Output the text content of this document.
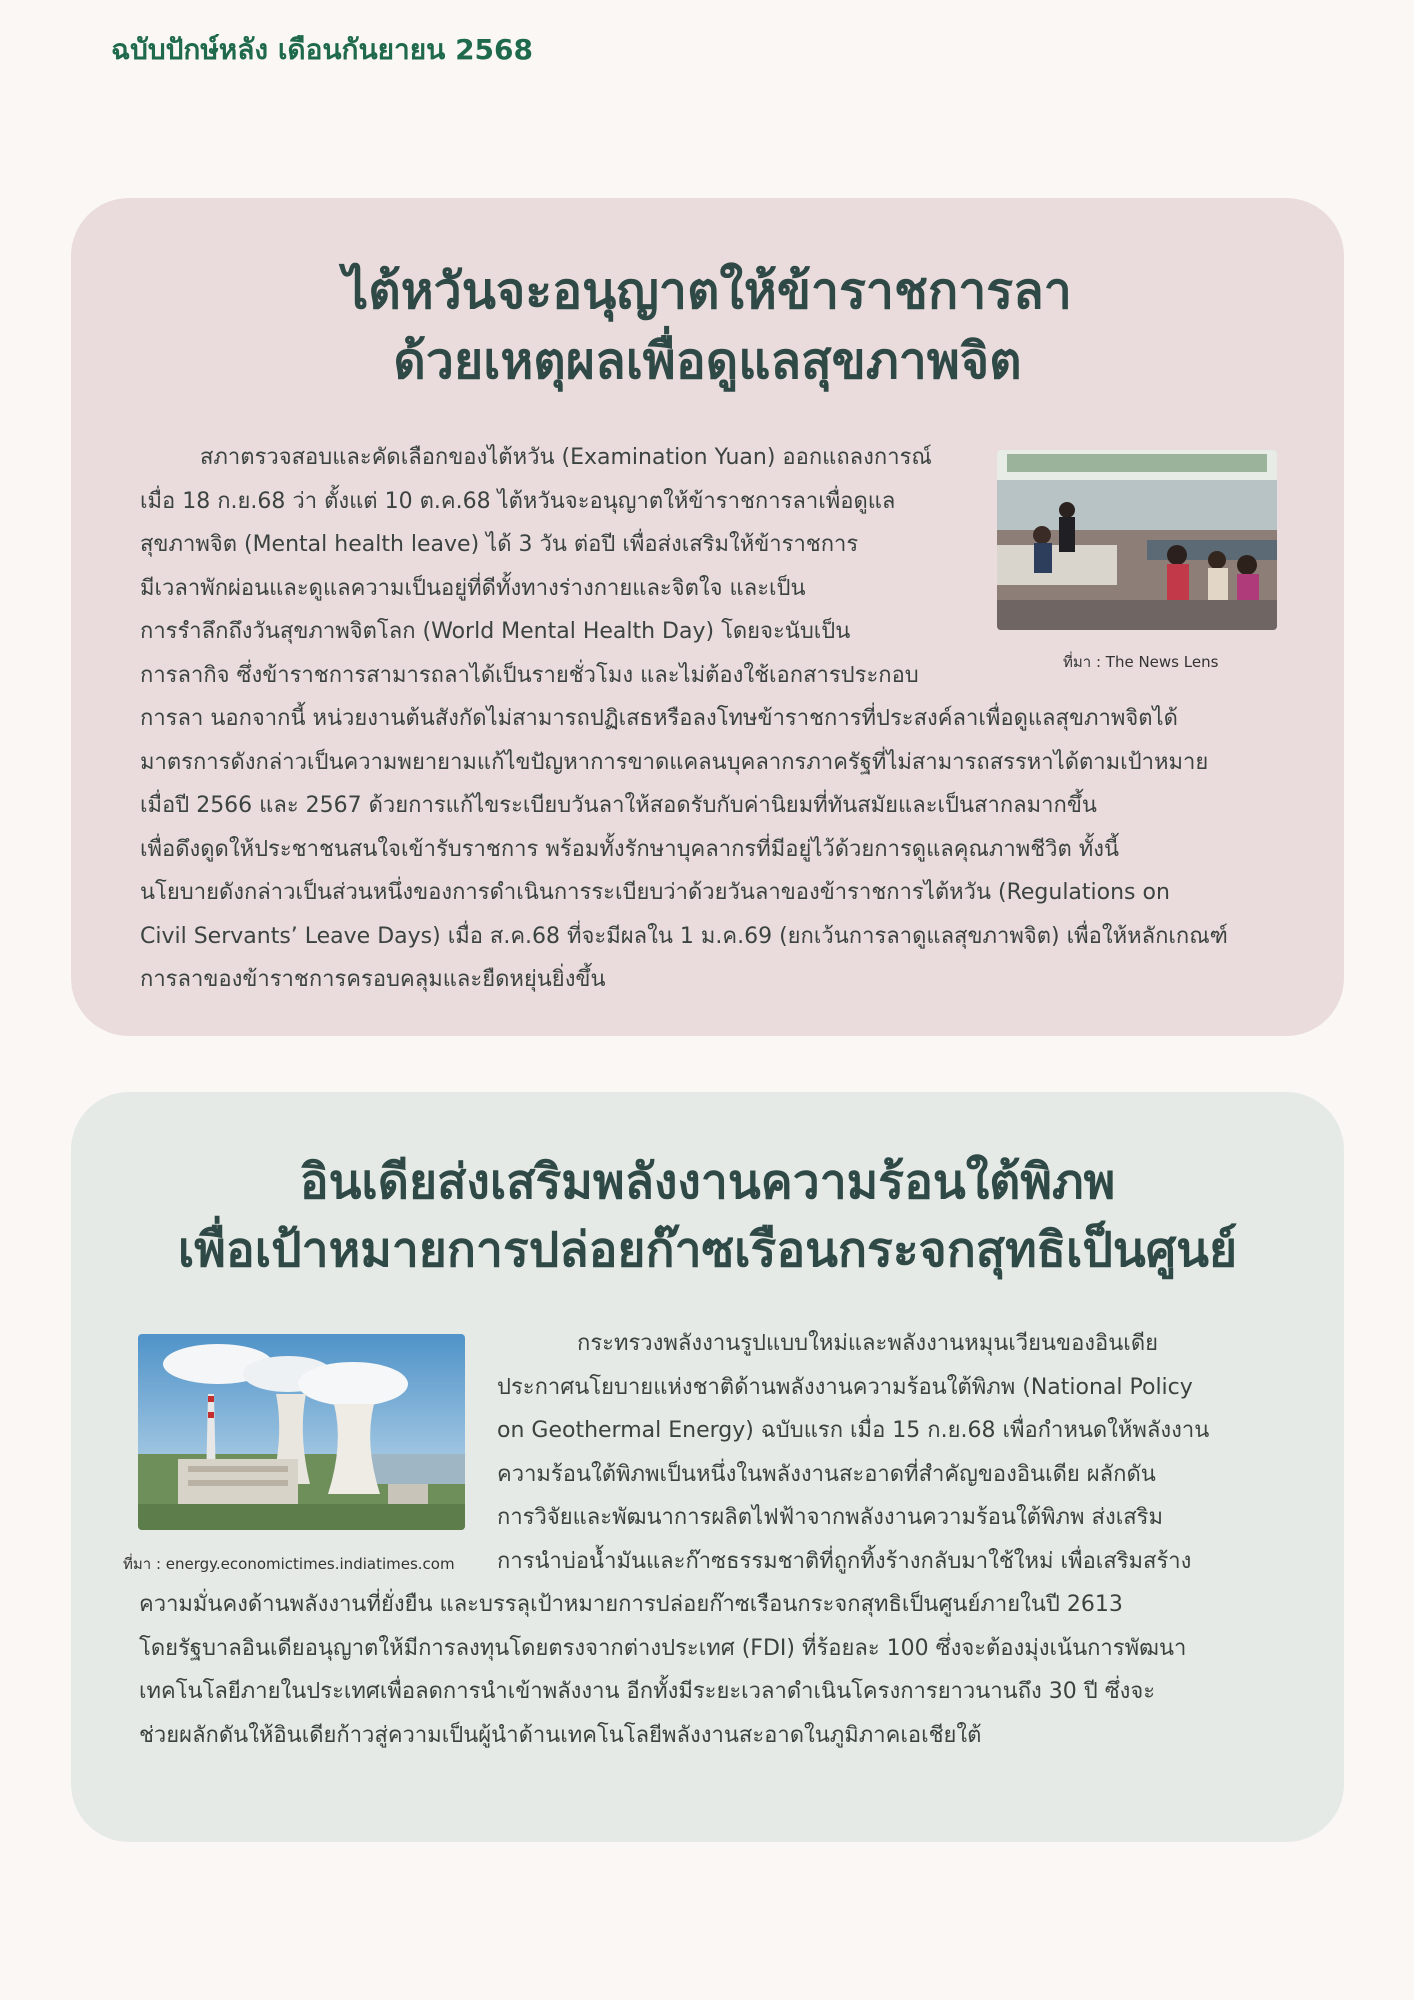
ฉบับปักษ์หลัง เดือนกันยายน 2568
ไต้หวันจะอนุญาตให้ข้าราชการลา
ด้วยเหตุผลเพื่อดูแลสุขภาพจิต
ที่มา : The News Lens
สภาตรวจสอบและคัดเลือกของไต้หวัน (Examination Yuan) ออกแถลงการณ์
เมื่อ 18 ก.ย.68 ว่า ตั้งแต่ 10 ต.ค.68 ไต้หวันจะอนุญาตให้ข้าราชการลาเพื่อดูแล
สุขภาพจิต (Mental health leave) ได้ 3 วัน ต่อปี เพื่อส่งเสริมให้ข้าราชการ
มีเวลาพักผ่อนและดูแลความเป็นอยู่ที่ดีทั้งทางร่างกายและจิตใจ และเป็น
การรำลึกถึงวันสุขภาพจิตโลก (World Mental Health Day) โดยจะนับเป็น
การลากิจ ซึ่งข้าราชการสามารถลาได้เป็นรายชั่วโมง และไม่ต้องใช้เอกสารประกอบ
การลา นอกจากนี้ หน่วยงานต้นสังกัดไม่สามารถปฏิเสธหรือลงโทษข้าราชการที่ประสงค์ลาเพื่อดูแลสุขภาพจิตได้
มาตรการดังกล่าวเป็นความพยายามแก้ไขปัญหาการขาดแคลนบุคลากรภาครัฐที่ไม่สามารถสรรหาได้ตามเป้าหมาย
เมื่อปี 2566 และ 2567 ด้วยการแก้ไขระเบียบวันลาให้สอดรับกับค่านิยมที่ทันสมัยและเป็นสากลมากขึ้น
เพื่อดึงดูดให้ประชาชนสนใจเข้ารับราชการ พร้อมทั้งรักษาบุคลากรที่มีอยู่ไว้ด้วยการดูแลคุณภาพชีวิต ทั้งนี้
นโยบายดังกล่าวเป็นส่วนหนึ่งของการดำเนินการระเบียบว่าด้วยวันลาของข้าราชการไต้หวัน (Regulations on
Civil Servants’ Leave Days) เมื่อ ส.ค.68 ที่จะมีผลใน 1 ม.ค.69 (ยกเว้นการลาดูแลสุขภาพจิต) เพื่อให้หลักเกณฑ์
การลาของข้าราชการครอบคลุมและยืดหยุ่นยิ่งขึ้น
อินเดียส่งเสริมพลังงานความร้อนใต้พิภพ
เพื่อเป้าหมายการปล่อยก๊าซเรือนกระจกสุทธิเป็นศูนย์
ที่มา : energy.economictimes.indiatimes.com
กระทรวงพลังงานรูปแบบใหม่และพลังงานหมุนเวียนของอินเดีย
ประกาศนโยบายแห่งชาติด้านพลังงานความร้อนใต้พิภพ (National Policy
on Geothermal Energy) ฉบับแรก เมื่อ 15 ก.ย.68 เพื่อกำหนดให้พลังงาน
ความร้อนใต้พิภพเป็นหนึ่งในพลังงานสะอาดที่สำคัญของอินเดีย ผลักดัน
การวิจัยและพัฒนาการผลิตไฟฟ้าจากพลังงานความร้อนใต้พิภพ ส่งเสริม
การนำบ่อน้ำมันและก๊าซธรรมชาติที่ถูกทิ้งร้างกลับมาใช้ใหม่ เพื่อเสริมสร้าง
ความมั่นคงด้านพลังงานที่ยั่งยืน และบรรลุเป้าหมายการปล่อยก๊าซเรือนกระจกสุทธิเป็นศูนย์ภายในปี 2613
โดยรัฐบาลอินเดียอนุญาตให้มีการลงทุนโดยตรงจากต่างประเทศ (FDI) ที่ร้อยละ 100 ซึ่งจะต้องมุ่งเน้นการพัฒนา
เทคโนโลยีภายในประเทศเพื่อลดการนำเข้าพลังงาน อีกทั้งมีระยะเวลาดำเนินโครงการยาวนานถึง 30 ปี ซึ่งจะ
ช่วยผลักดันให้อินเดียก้าวสู่ความเป็นผู้นำด้านเทคโนโลยีพลังงานสะอาดในภูมิภาคเอเชียใต้
